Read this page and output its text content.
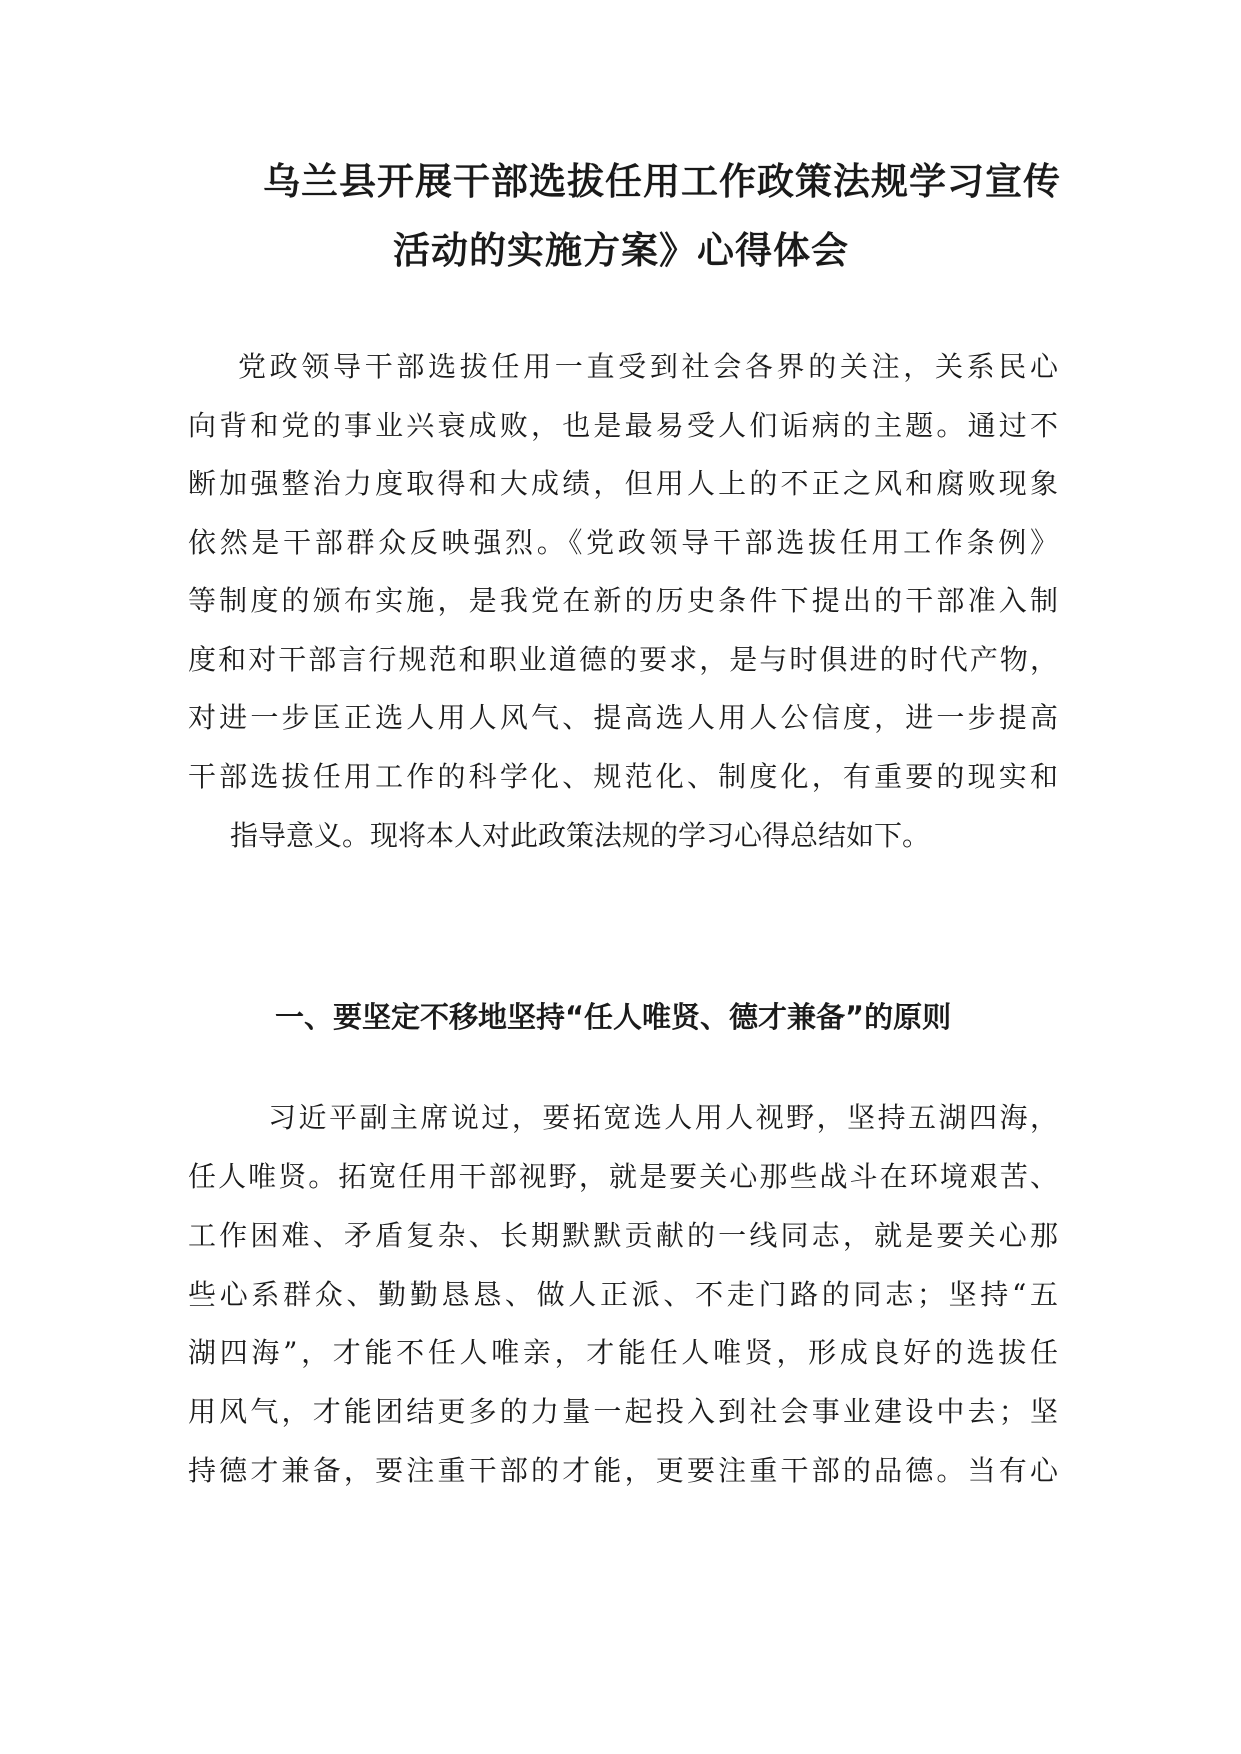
乌兰县开展干部选拔任用工作政策法规学习宣传
活动的实施方案》心得体会
党政领导干部选拔任用一直受到社会各界的关注，关系民心
向背和党的事业兴衰成败，也是最易受人们诟病的主题。通过不
断加强整治力度取得和大成绩，但用人上的不正之风和腐败现象
依然是干部群众反映强烈。《党政领导干部选拔任用工作条例》
等制度的颁布实施，是我党在新的历史条件下提出的干部准入制
度和对干部言行规范和职业道德的要求，是与时俱进的时代产物，
对进一步匡正选人用人风气、提高选人用人公信度，进一步提高
干部选拔任用工作的科学化、规范化、制度化，有重要的现实和
指导意义。现将本人对此政策法规的学习心得总结如下。
一、要坚定不移地坚持“任人唯贤、德才兼备”的原则
习近平副主席说过，要拓宽选人用人视野，坚持五湖四海，
任人唯贤。拓宽任用干部视野，就是要关心那些战斗在环境艰苦、
工作困难、矛盾复杂、长期默默贡献的一线同志，就是要关心那
些心系群众、勤勤恳恳、做人正派、不走门路的同志；坚持“五
湖四海”，才能不任人唯亲，才能任人唯贤，形成良好的选拔任
用风气，才能团结更多的力量一起投入到社会事业建设中去；坚
持德才兼备，要注重干部的才能，更要注重干部的品德。当有心
